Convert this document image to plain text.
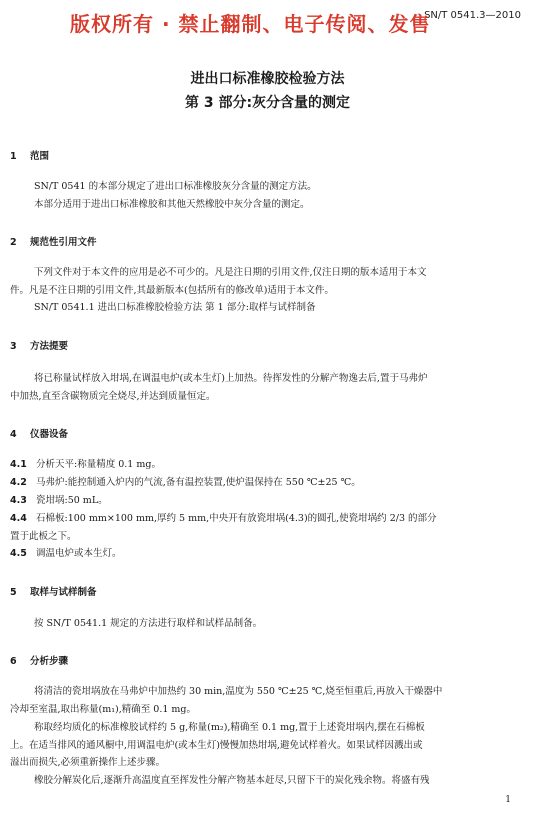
版权所有 · 禁止翻制、电子传阅、发售
SN/T 0541.3—2010
进出口标准橡胶检验方法
第 3 部分:灰分含量的测定
1 范围
SN/T 0541 的本部分规定了进出口标准橡胶灰分含量的测定方法。
本部分适用于进出口标准橡胶和其他天然橡胶中灰分含量的测定。
2 规范性引用文件
下列文件对于本文件的应用是必不可少的。凡是注日期的引用文件,仅注日期的版本适用于本文
件。凡是不注日期的引用文件,其最新版本(包括所有的修改单)适用于本文件。
SN/T 0541.1 进出口标准橡胶检验方法 第 1 部分:取样与试样制备
3 方法提要
将已称量试样放入坩埚,在调温电炉(或本生灯)上加热。待挥发性的分解产物逸去后,置于马弗炉
中加热,直至含碳物质完全烧尽,并达到质量恒定。
4 仪器设备
4.1 分析天平:称量精度 0.1 mg。
4.2 马弗炉:能控制通入炉内的气流,备有温控装置,使炉温保持在 550 ℃±25 ℃。
4.3 瓷坩埚:50 mL。
4.4 石棉板:100 mm×100 mm,厚约 5 mm,中央开有放瓷坩埚(4.3)的圆孔,使瓷坩埚约 2/3 的部分
置于此板之下。
4.5 调温电炉或本生灯。
5 取样与试样制备
按 SN/T 0541.1 规定的方法进行取样和试样品制备。
6 分析步骤
将清洁的瓷坩埚放在马弗炉中加热约 30 min,温度为 550 ℃±25 ℃,烧至恒重后,再放入干燥器中
冷却至室温,取出称量(m₁),精确至 0.1 mg。
称取经均质化的标准橡胶试样约 5 g,称量(m₂),精确至 0.1 mg,置于上述瓷坩埚内,摆在石棉板
上。在适当排风的通风橱中,用调温电炉(或本生灯)慢慢加热坩埚,避免试样着火。如果试样因溅出或
溢出而损失,必须重新操作上述步骤。
橡胶分解炭化后,逐渐升高温度直至挥发性分解产物基本赶尽,只留下干的炭化残余物。将盛有残
1
